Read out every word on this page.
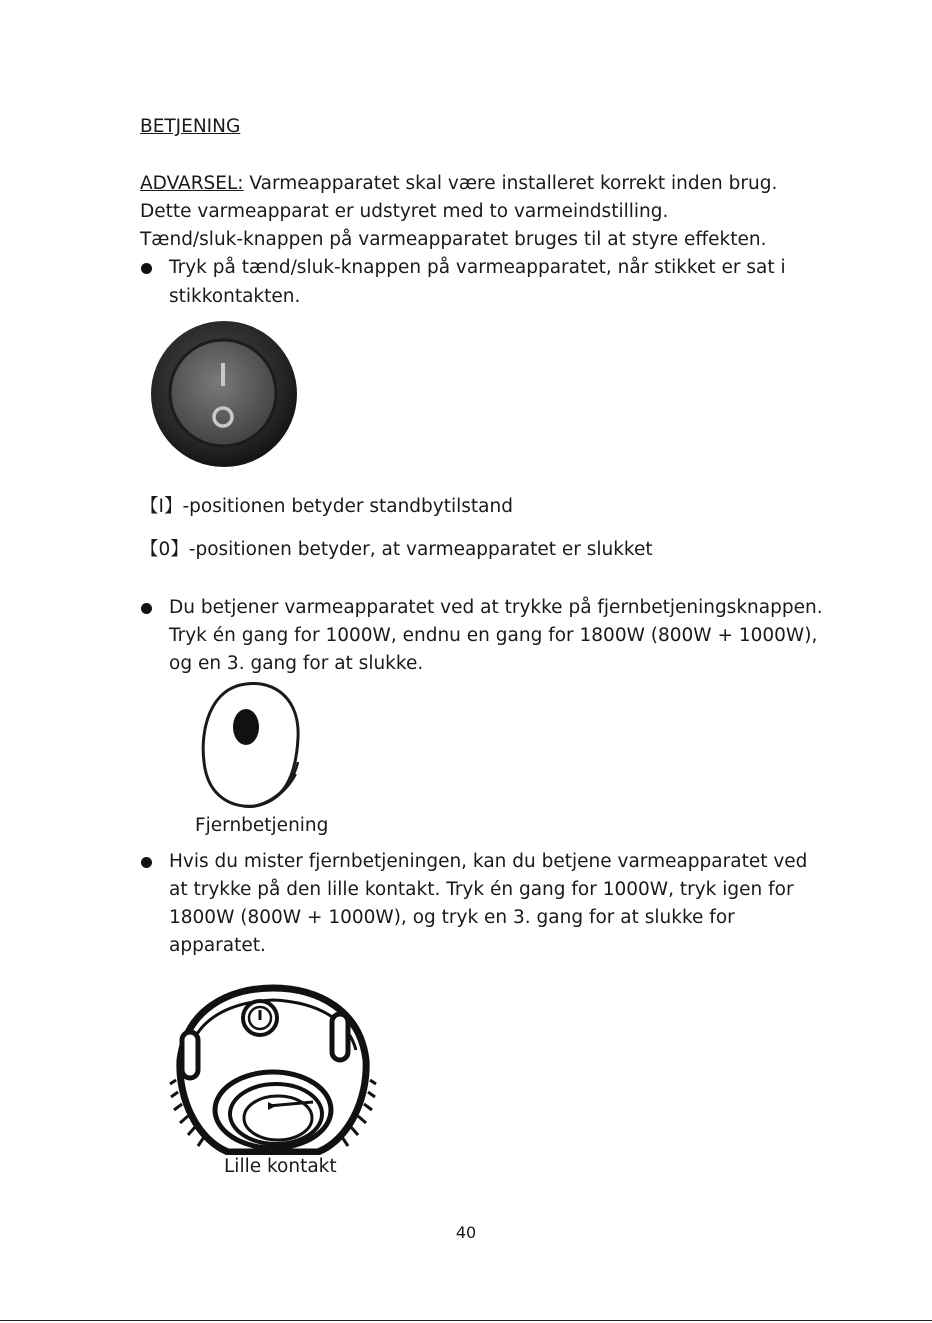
BETJENING
ADVARSEL: Varmeapparatet skal være installeret korrekt inden brug.
Dette varmeapparat er udstyret med to varmeindstilling.
Tænd/sluk-knappen på varmeapparatet bruges til at styre effekten.
Tryk på tænd/sluk-knappen på varmeapparatet, når stikket er sat i
stikkontakten.
【I】-positionen betyder standbytilstand
【0】-positionen betyder, at varmeapparatet er slukket
Du betjener varmeapparatet ved at trykke på fjernbetjeningsknappen.
Tryk én gang for 1000W, endnu en gang for 1800W (800W + 1000W),
og en 3. gang for at slukke.
Fjernbetjening
Hvis du mister fjernbetjeningen, kan du betjene varmeapparatet ved
at trykke på den lille kontakt. Tryk én gang for 1000W, tryk igen for
1800W (800W + 1000W), og tryk en 3. gang for at slukke for
apparatet.
Lille kontakt
40
